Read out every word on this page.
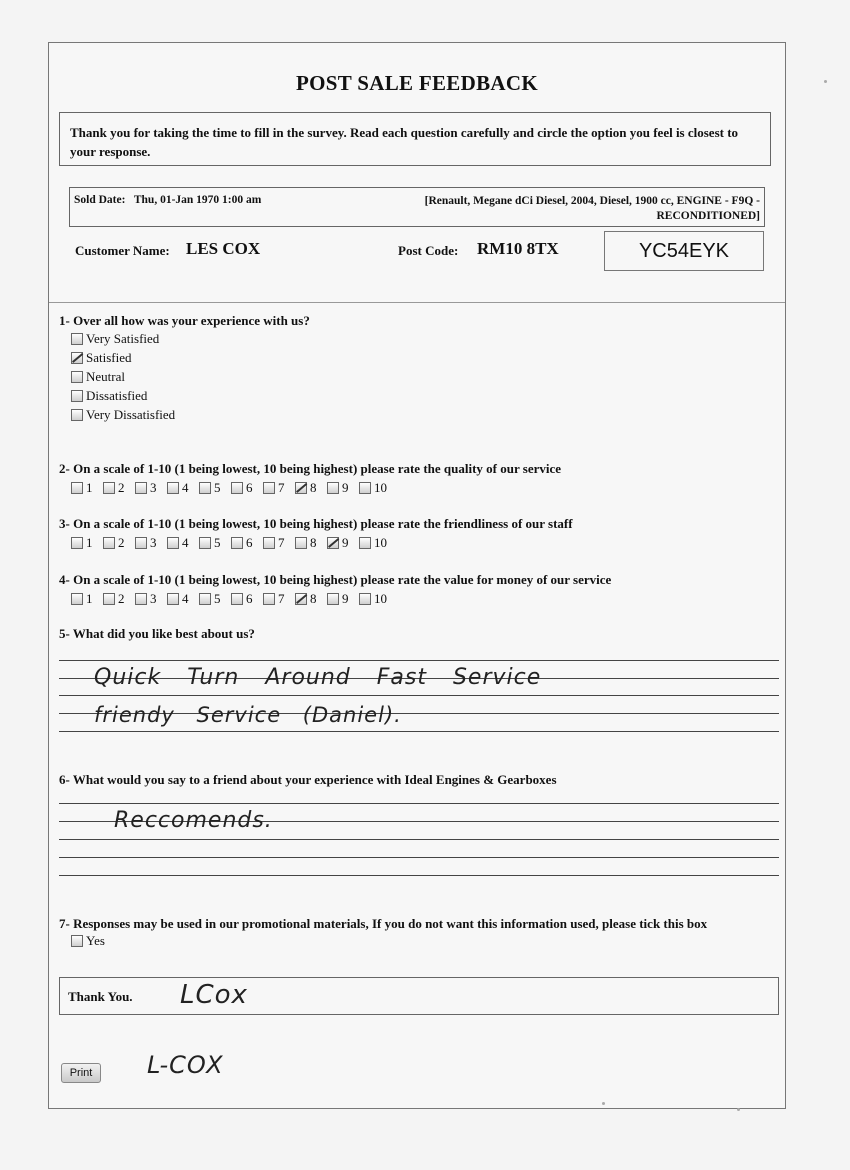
POST SALE FEEDBACK
Thank you for taking the time to fill in the survey. Read each question carefully and circle the option you feel is closest to your response.
Sold Date: Thu, 01-Jan 1970 1:00 am	[Renault, Megane dCi Diesel, 2004, Diesel, 1900 cc, ENGINE - F9Q - RECONDITIONED]
Customer Name: LES COX	Post Code: RM10 8TX	YC54EYK
1- Over all how was your experience with us?
Very Satisfied
Satisfied
Neutral
Dissatisfied
Very Dissatisfied
2- On a scale of 1-10 (1 being lowest, 10 being highest) please rate the quality of our service
1 2 3 4 5 6 7 8 9 10
3- On a scale of 1-10 (1 being lowest, 10 being highest) please rate the friendliness of our staff
1 2 3 4 5 6 7 8 9 10
4- On a scale of 1-10 (1 being lowest, 10 being highest) please rate the value for money of our service
1 2 3 4 5 6 7 8 9 10
5- What did you like best about us?
Quick Turn Around Fast Service
friendy Service (Daniel).
6- What would you say to a friend about your experience with Ideal Engines & Gearboxes
Reccomends.
7- Responses may be used in our promotional materials, If you do not want this information used, please tick this box
Yes
Thank You. LCox
Print	L-COX
